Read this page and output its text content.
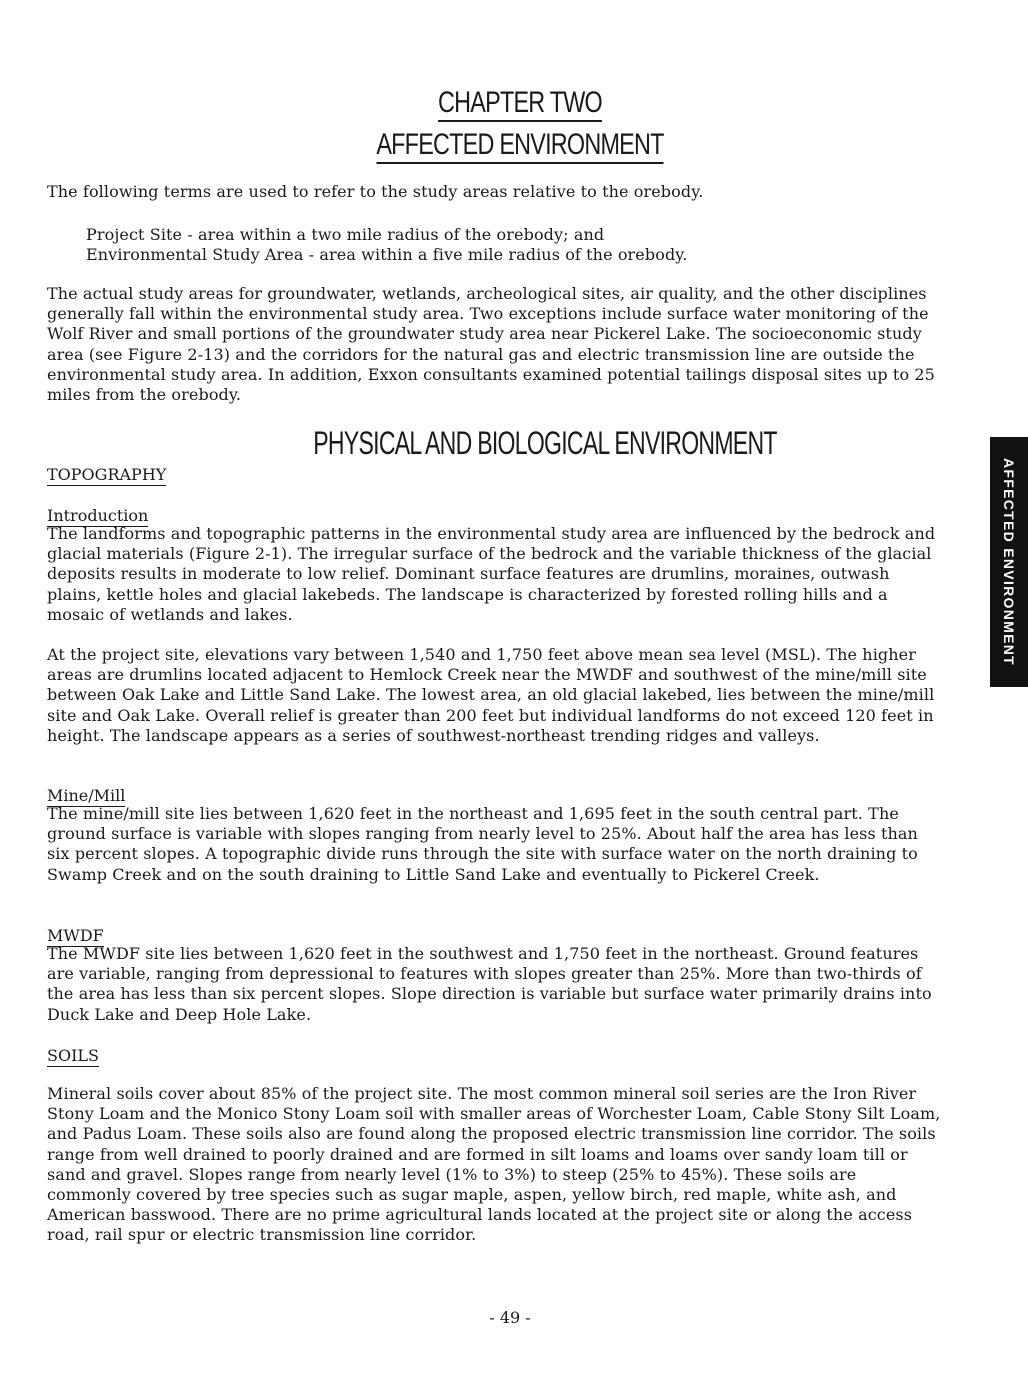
CHAPTER TWO
AFFECTED ENVIRONMENT

The following terms are used to refer to the study areas relative to the orebody.

Project Site - area within a two mile radius of the orebody; and

Environmental Study Area - area within a five mile radius of the orebody.

The actual study areas for groundwater, wetlands, archeological sites, air quality, and the other disciplines generally fall within the environmental study area. Two exceptions include surface water monitoring of the Wolf River and small portions of the groundwater study area near Pickerel Lake. The socioeconomic study area (see Figure 2-13) and the corridors for the natural gas and electric transmission line are outside the environmental study area. In addition, Exxon consultants examined potential tailings disposal sites up to 25 miles from the orebody.

PHYSICAL AND BIOLOGICAL ENVIRONMENT

TOPOGRAPHY

Introduction

The landforms and topographic patterns in the environmental study area are influenced by the bedrock and glacial materials (Figure 2-1). The irregular surface of the bedrock and the variable thickness of the glacial deposits results in moderate to low relief. Dominant surface features are drumlins, moraines, outwash plains, kettle holes and glacial lakebeds. The landscape is characterized by forested rolling hills and a mosaic of wetlands and lakes.

At the project site, elevations vary between 1,540 and 1,750 feet above mean sea level (MSL). The higher areas are drumlins located adjacent to Hemlock Creek near the MWDF and southwest of the mine/mill site between Oak Lake and Little Sand Lake. The lowest area, an old glacial lakebed, lies between the mine/mill site and Oak Lake. Overall relief is greater than 200 feet but individual landforms do not exceed 120 feet in height. The landscape appears as a series of southwest-northeast trending ridges and valleys.

Mine/Mill

The mine/mill site lies between 1,620 feet in the northeast and 1,695 feet in the south central part. The ground surface is variable with slopes ranging from nearly level to 25%. About half the area has less than six percent slopes. A topographic divide runs through the site with surface water on the north draining to Swamp Creek and on the south draining to Little Sand Lake and eventually to Pickerel Creek.

MWDF

The MWDF site lies between 1,620 feet in the southwest and 1,750 feet in the northeast. Ground features are variable, ranging from depressional to features with slopes greater than 25%. More than two-thirds of the area has less than six percent slopes. Slope direction is variable but surface water primarily drains into Duck Lake and Deep Hole Lake.

SOILS

Mineral soils cover about 85% of the project site. The most common mineral soil series are the Iron River Stony Loam and the Monico Stony Loam soil with smaller areas of Worchester Loam, Cable Stony Silt Loam, and Padus Loam. These soils also are found along the proposed electric transmission line corridor. The soils range from well drained to poorly drained and are formed in silt loams and loams over sandy loam till or sand and gravel. Slopes range from nearly level (1% to 3%) to steep (25% to 45%). These soils are commonly covered by tree species such as sugar maple, aspen, yellow birch, red maple, white ash, and American basswood. There are no prime agricultural lands located at the project site or along the access road, rail spur or electric transmission line corridor.

AFFECTED ENVIRONMENT
- 49 -
